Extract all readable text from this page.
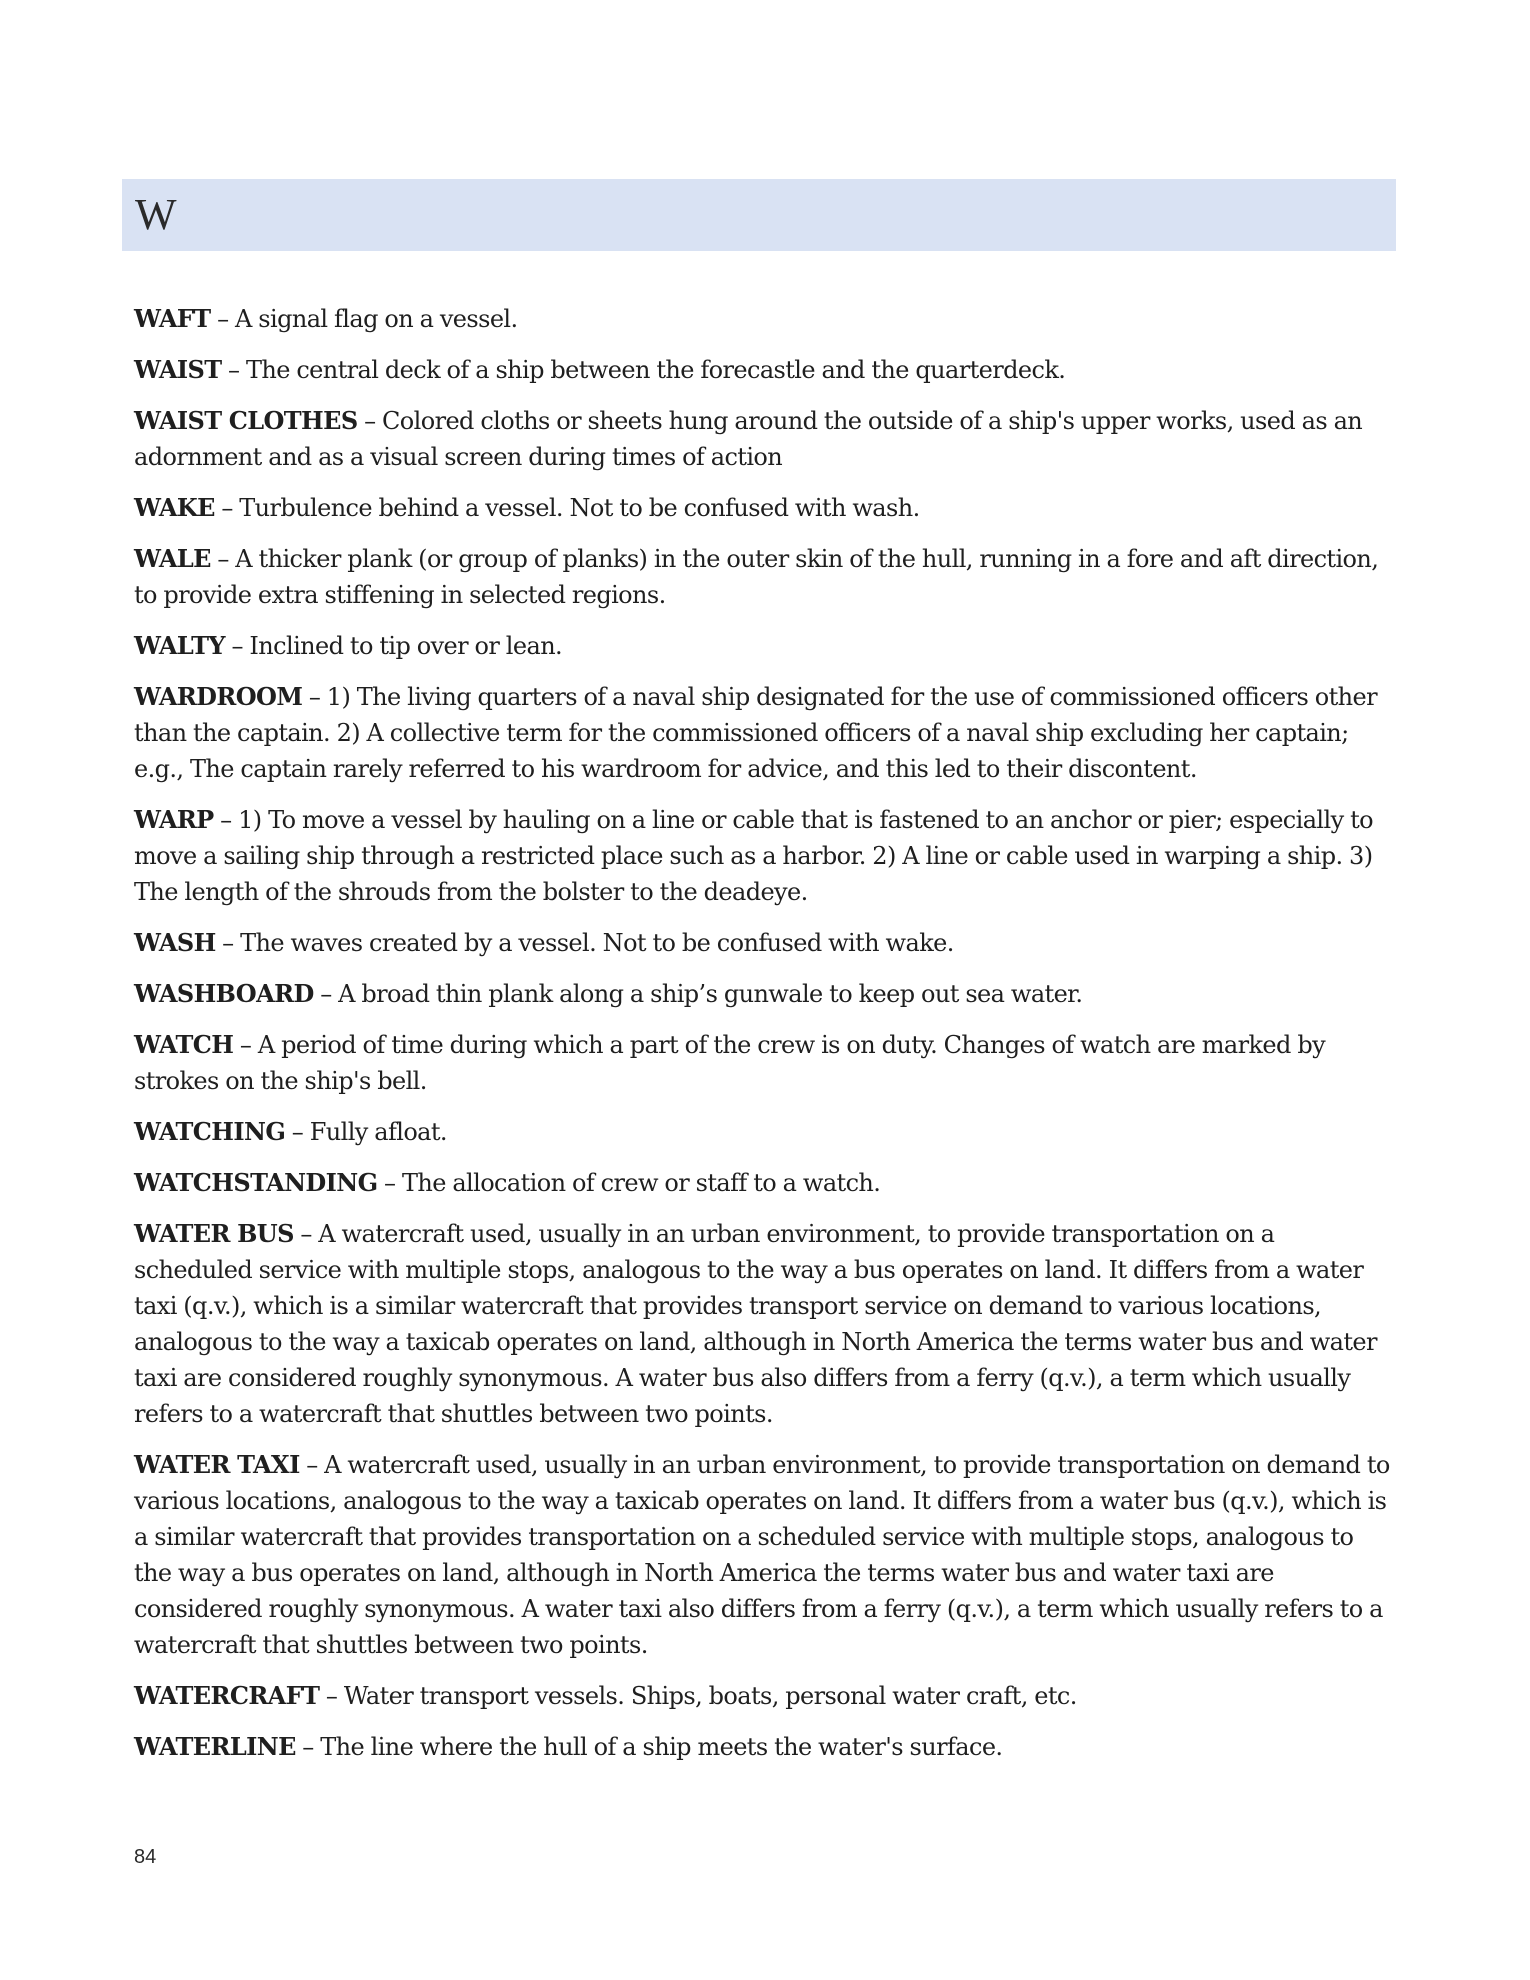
W

WAFT – A signal flag on a vessel.

WAIST – The central deck of a ship between the forecastle and the quarterdeck.

WAIST CLOTHES – Colored cloths or sheets hung around the outside of a ship's upper works, used as an adornment and as a visual screen during times of action

WAKE – Turbulence behind a vessel. Not to be confused with wash.

WALE – A thicker plank (or group of planks) in the outer skin of the hull, running in a fore and aft direction, to provide extra stiffening in selected regions.

WALTY – Inclined to tip over or lean.

WARDROOM – 1) The living quarters of a naval ship designated for the use of commissioned officers other than the captain. 2) A collective term for the commissioned officers of a naval ship excluding her captain; e.g., The captain rarely referred to his wardroom for advice, and this led to their discontent.

WARP – 1) To move a vessel by hauling on a line or cable that is fastened to an anchor or pier; especially to move a sailing ship through a restricted place such as a harbor. 2) A line or cable used in warping a ship. 3) The length of the shrouds from the bolster to the deadeye.

WASH – The waves created by a vessel. Not to be confused with wake.

WASHBOARD – A broad thin plank along a ship’s gunwale to keep out sea water.

WATCH – A period of time during which a part of the crew is on duty. Changes of watch are marked by strokes on the ship's bell.

WATCHING – Fully afloat.

WATCHSTANDING – The allocation of crew or staff to a watch.

WATER BUS – A watercraft used, usually in an urban environment, to provide transportation on a scheduled service with multiple stops, analogous to the way a bus operates on land. It differs from a water taxi (q.v.), which is a similar watercraft that provides transport service on demand to various locations, analogous to the way a taxicab operates on land, although in North America the terms water bus and water taxi are considered roughly synonymous. A water bus also differs from a ferry (q.v.), a term which usually refers to a watercraft that shuttles between two points.

WATER TAXI – A watercraft used, usually in an urban environment, to provide transportation on demand to various locations, analogous to the way a taxicab operates on land. It differs from a water bus (q.v.), which is a similar watercraft that provides transportation on a scheduled service with multiple stops, analogous to the way a bus operates on land, although in North America the terms water bus and water taxi are considered roughly synonymous. A water taxi also differs from a ferry (q.v.), a term which usually refers to a watercraft that shuttles between two points.

WATERCRAFT – Water transport vessels. Ships, boats, personal water craft, etc.

WATERLINE – The line where the hull of a ship meets the water's surface.

84
